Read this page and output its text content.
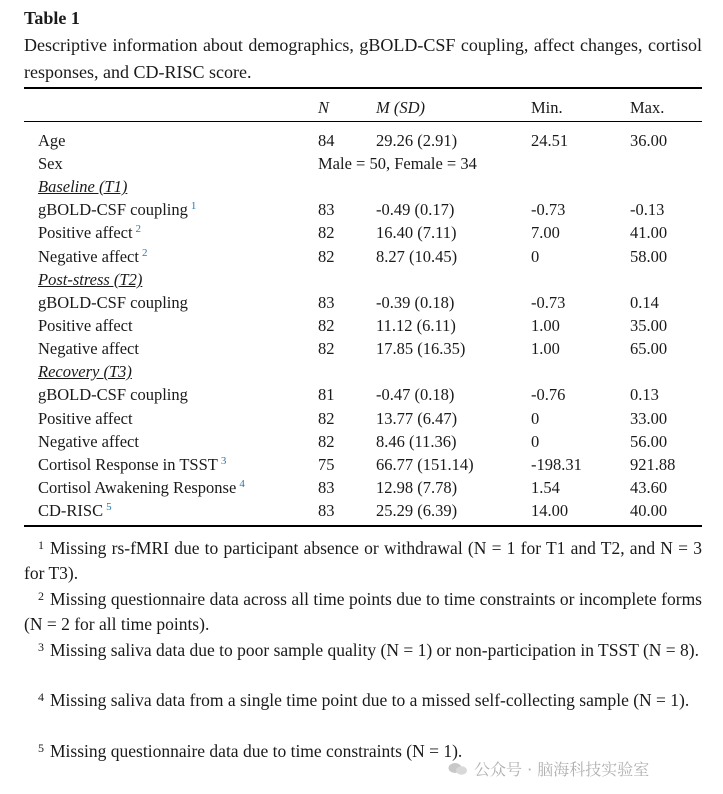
Table 1
Descriptive information about demographics, gBOLD-CSF coupling, affect changes, cortisol responses, and CD-RISC score.
N	M (SD)	Min.	Max.
Age	84	29.26 (2.91)	24.51	36.00
Sex	Male = 50, Female = 34
Baseline (T1)
gBOLD-CSF coupling $^1$	83	-0.49 (0.17)	-0.73	-0.13
Positive affect $^2$	82	16.40 (7.11)	7.00	41.00
Negative affect $^2$	82	8.27 (10.45)	0	58.00
Post-stress (T2)
gBOLD-CSF coupling	83	-0.39 (0.18)	-0.73	0.14
Positive affect	82	11.12 (6.11)	1.00	35.00
Negative affect	82	17.85 (16.35)	1.00	65.00
Recovery (T3)
gBOLD-CSF coupling	81	-0.47 (0.18)	-0.76	0.13
Positive affect	82	13.77 (6.47)	0	33.00
Negative affect	82	8.46 (11.36)	0	56.00
Cortisol Response in TSST $^3$	75	66.77 (151.14)	-198.31	921.88
Cortisol Awakening Response $^4$	83	12.98 (7.78)	1.54	43.60
CD-RISC $^5$	83	25.29 (6.39)	14.00	40.00
$^1$ Missing rs-fMRI due to participant absence or withdrawal (N = 1 for T1 and T2, and N = 3 for T3).
$^2$ Missing questionnaire data across all time points due to time constraints or incomplete forms (N = 2 for all time points).
$^3$ Missing saliva data due to poor sample quality (N = 1) or non-participation in TSST (N = 8).
$^4$ Missing saliva data from a single time point due to a missed self-collecting sample (N = 1).
$^5$ Missing questionnaire data due to time constraints (N = 1).
公众号 · 脑海科技实验室
